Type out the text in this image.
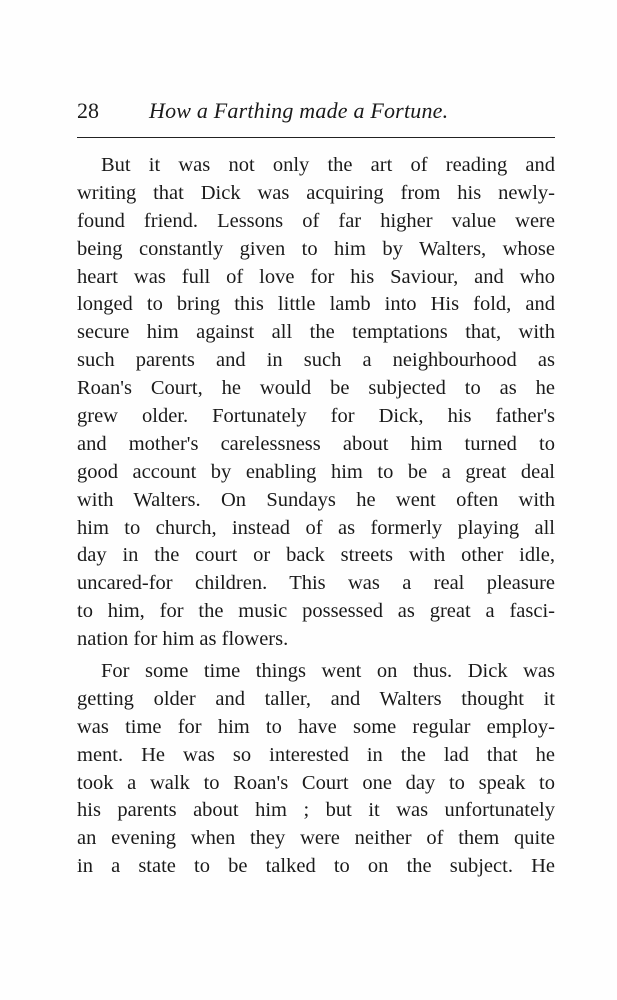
28 How a Farthing made a Fortune.
But it was not only the art of reading and
writing that Dick was acquiring from his newly-
found friend. Lessons of far higher value were
being constantly given to him by Walters, whose
heart was full of love for his Saviour, and who
longed to bring this little lamb into His fold, and
secure him against all the temptations that, with
such parents and in such a neighbourhood as
Roan's Court, he would be subjected to as he
grew older. Fortunately for Dick, his father's
and mother's carelessness about him turned to
good account by enabling him to be a great deal
with Walters. On Sundays he went often with
him to church, instead of as formerly playing all
day in the court or back streets with other idle,
uncared-for children. This was a real pleasure
to him, for the music possessed as great a fasci-
nation for him as flowers.
For some time things went on thus. Dick was
getting older and taller, and Walters thought it
was time for him to have some regular employ-
ment. He was so interested in the lad that he
took a walk to Roan's Court one day to speak to
his parents about him ; but it was unfortunately
an evening when they were neither of them quite
in a state to be talked to on the subject. He
